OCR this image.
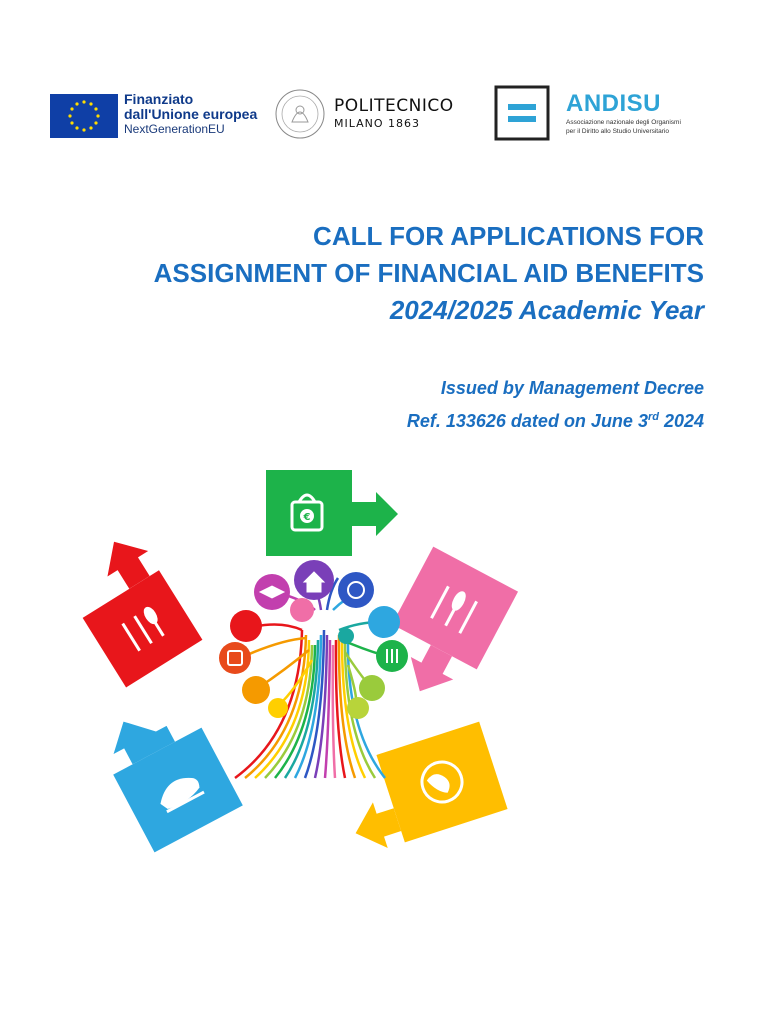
Finanziato
dall'Unione europea
NextGenerationEU
POLITECNICO
MILANO 1863
ANDISU
Associazione nazionale degli Organismi
per il Diritto allo Studio Universitario
CALL FOR APPLICATIONS FOR
ASSIGNMENT OF FINANCIAL AID BENEFITS
2024/2025 Academic Year
Issued by Management Decree
Ref. 133626 dated on June 3rd 2024
€
